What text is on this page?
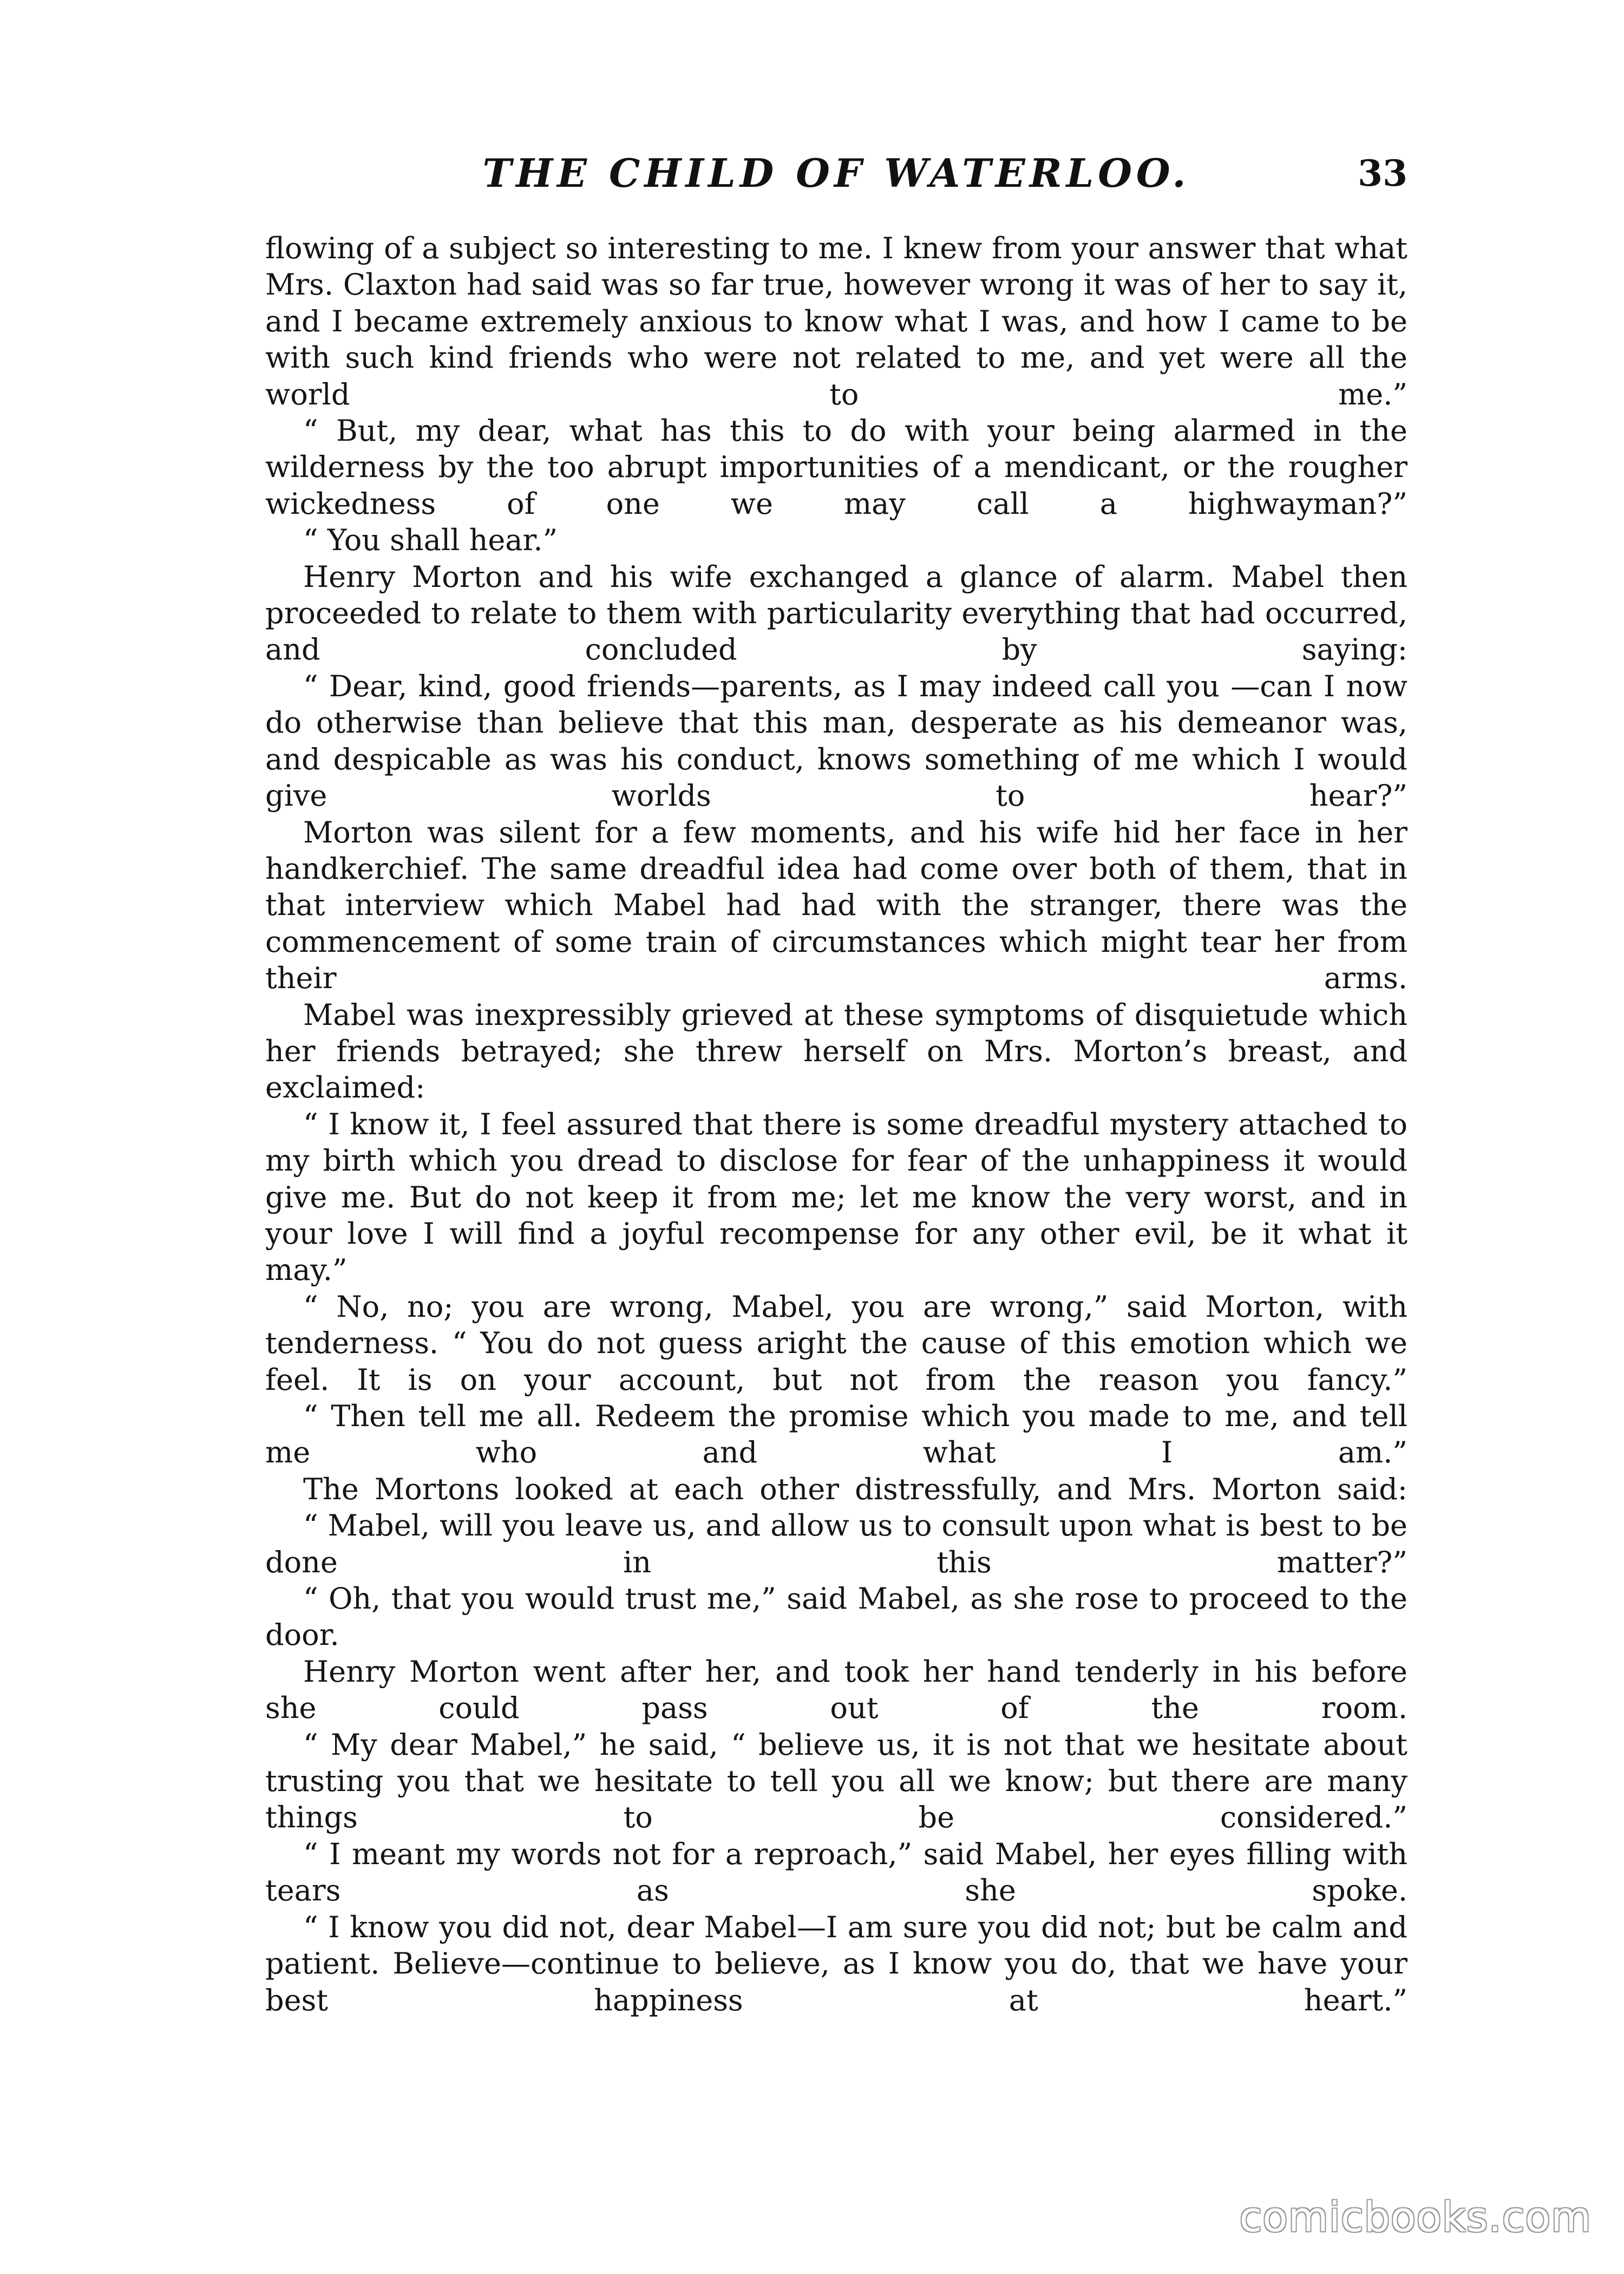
THE CHILD OF WATERLOO.	33

flowing of a subject so interesting to me. I knew from your answer that what Mrs. Claxton had said was so far true, however wrong it was of her to say it, and I became extremely anxious to know what I was, and how I came to be with such kind friends who were not related to me, and yet were all the world to me.”

“ But, my dear, what has this to do with your being alarmed in the wilderness by the too abrupt importunities of a mendicant, or the rougher wickedness of one we may call a highwayman?”

“ You shall hear.”

Henry Morton and his wife exchanged a glance of alarm. Mabel then proceeded to relate to them with particularity everything that had occurred, and concluded by saying:

“ Dear, kind, good friends—parents, as I may indeed call you —can I now do otherwise than believe that this man, desperate as his demeanor was, and despicable as was his conduct, knows something of me which I would give worlds to hear?”

Morton was silent for a few moments, and his wife hid her face in her handkerchief. The same dreadful idea had come over both of them, that in that interview which Mabel had had with the stranger, there was the commencement of some train of circumstances which might tear her from their arms.

Mabel was inexpressibly grieved at these symptoms of disquietude which her friends betrayed; she threw herself on Mrs. Morton’s breast, and exclaimed:

“ I know it, I feel assured that there is some dreadful mystery attached to my birth which you dread to disclose for fear of the unhappiness it would give me. But do not keep it from me; let me know the very worst, and in your love I will find a joyful recompense for any other evil, be it what it may.”

“ No, no; you are wrong, Mabel, you are wrong,” said Morton, with tenderness. “ You do not guess aright the cause of this emotion which we feel. It is on your account, but not from the reason you fancy.”

“ Then tell me all. Redeem the promise which you made to me, and tell me who and what I am.”

The Mortons looked at each other distressfully, and Mrs. Morton said:

“ Mabel, will you leave us, and allow us to consult upon what is best to be done in this matter?”

“ Oh, that you would trust me,” said Mabel, as she rose to proceed to the door.

Henry Morton went after her, and took her hand tenderly in his before she could pass out of the room.

“ My dear Mabel,” he said, “ believe us, it is not that we hesitate about trusting you that we hesitate to tell you all we know; but there are many things to be considered.”

“ I meant my words not for a reproach,” said Mabel, her eyes filling with tears as she spoke.

“ I know you did not, dear Mabel—I am sure you did not; but be calm and patient. Believe—continue to believe, as I know you do, that we have your best happiness at heart.”

comicbooks.com
